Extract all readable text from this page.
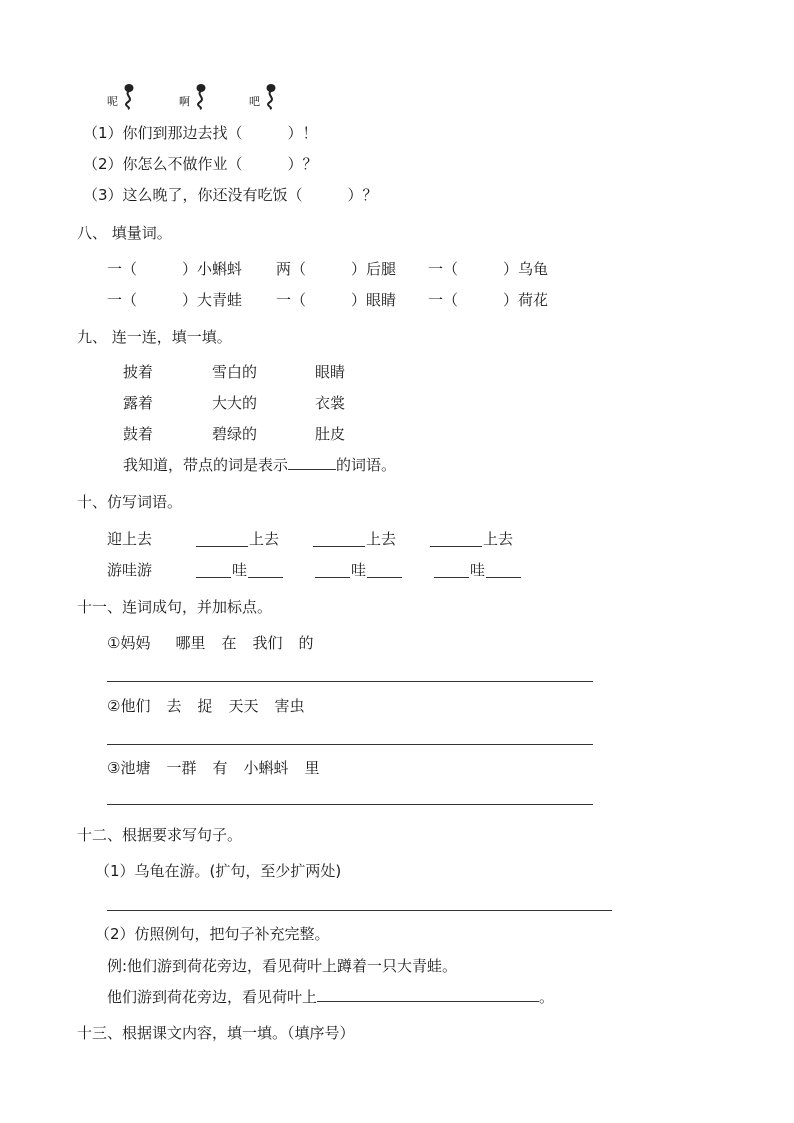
呢	啊	吧
（1）你们到那边去找（　　　）！
（2）你怎么不做作业（　　　）？
（3）这么晚了，你还没有吃饭（　　　）？
八、 填量词。
一（　　　）小蝌蚪 两（　　　）后腿 一（　　　）乌龟
一（　　　）大青蛙 一（　　　）眼睛 一（　　　）荷花
九、 连一连，填一填。
披着	雪白的	眼睛
露着	大大的	衣裳
鼓着	碧绿的	肚皮
我知道，带点的词是表示	的词语。
十、仿写词语。
迎上去	上去	上去	上去
游哇游	哇	哇	哇
十一、连词成句，并加标点。
①妈妈 哪里 在 我们 的
②他们 去 捉 天天 害虫
③池塘 一群 有 小蝌蚪 里
十二、根据要求写句子。
（1）乌龟在游。(扩句，至少扩两处)
（2）仿照例句，把句子补充完整。
例:他们游到荷花旁边，看见荷叶上蹲着一只大青蛙。
他们游到荷花旁边，看见荷叶上	。
十三、根据课文内容，填一填。（填序号）
